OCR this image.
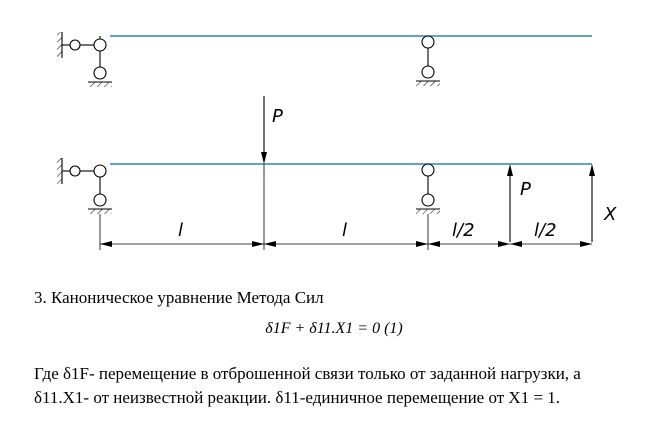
P
P
X
l	l	l/2	l/2
3. Каноническое уравнение Метода Сил
δ1F + δ11.X1 = 0 (1)
Где δ1F- перемещение в отброшенной связи только от заданной нагрузки, а
δ11.X1- от неизвестной реакции. δ11-единичное перемещение от X1 = 1.
